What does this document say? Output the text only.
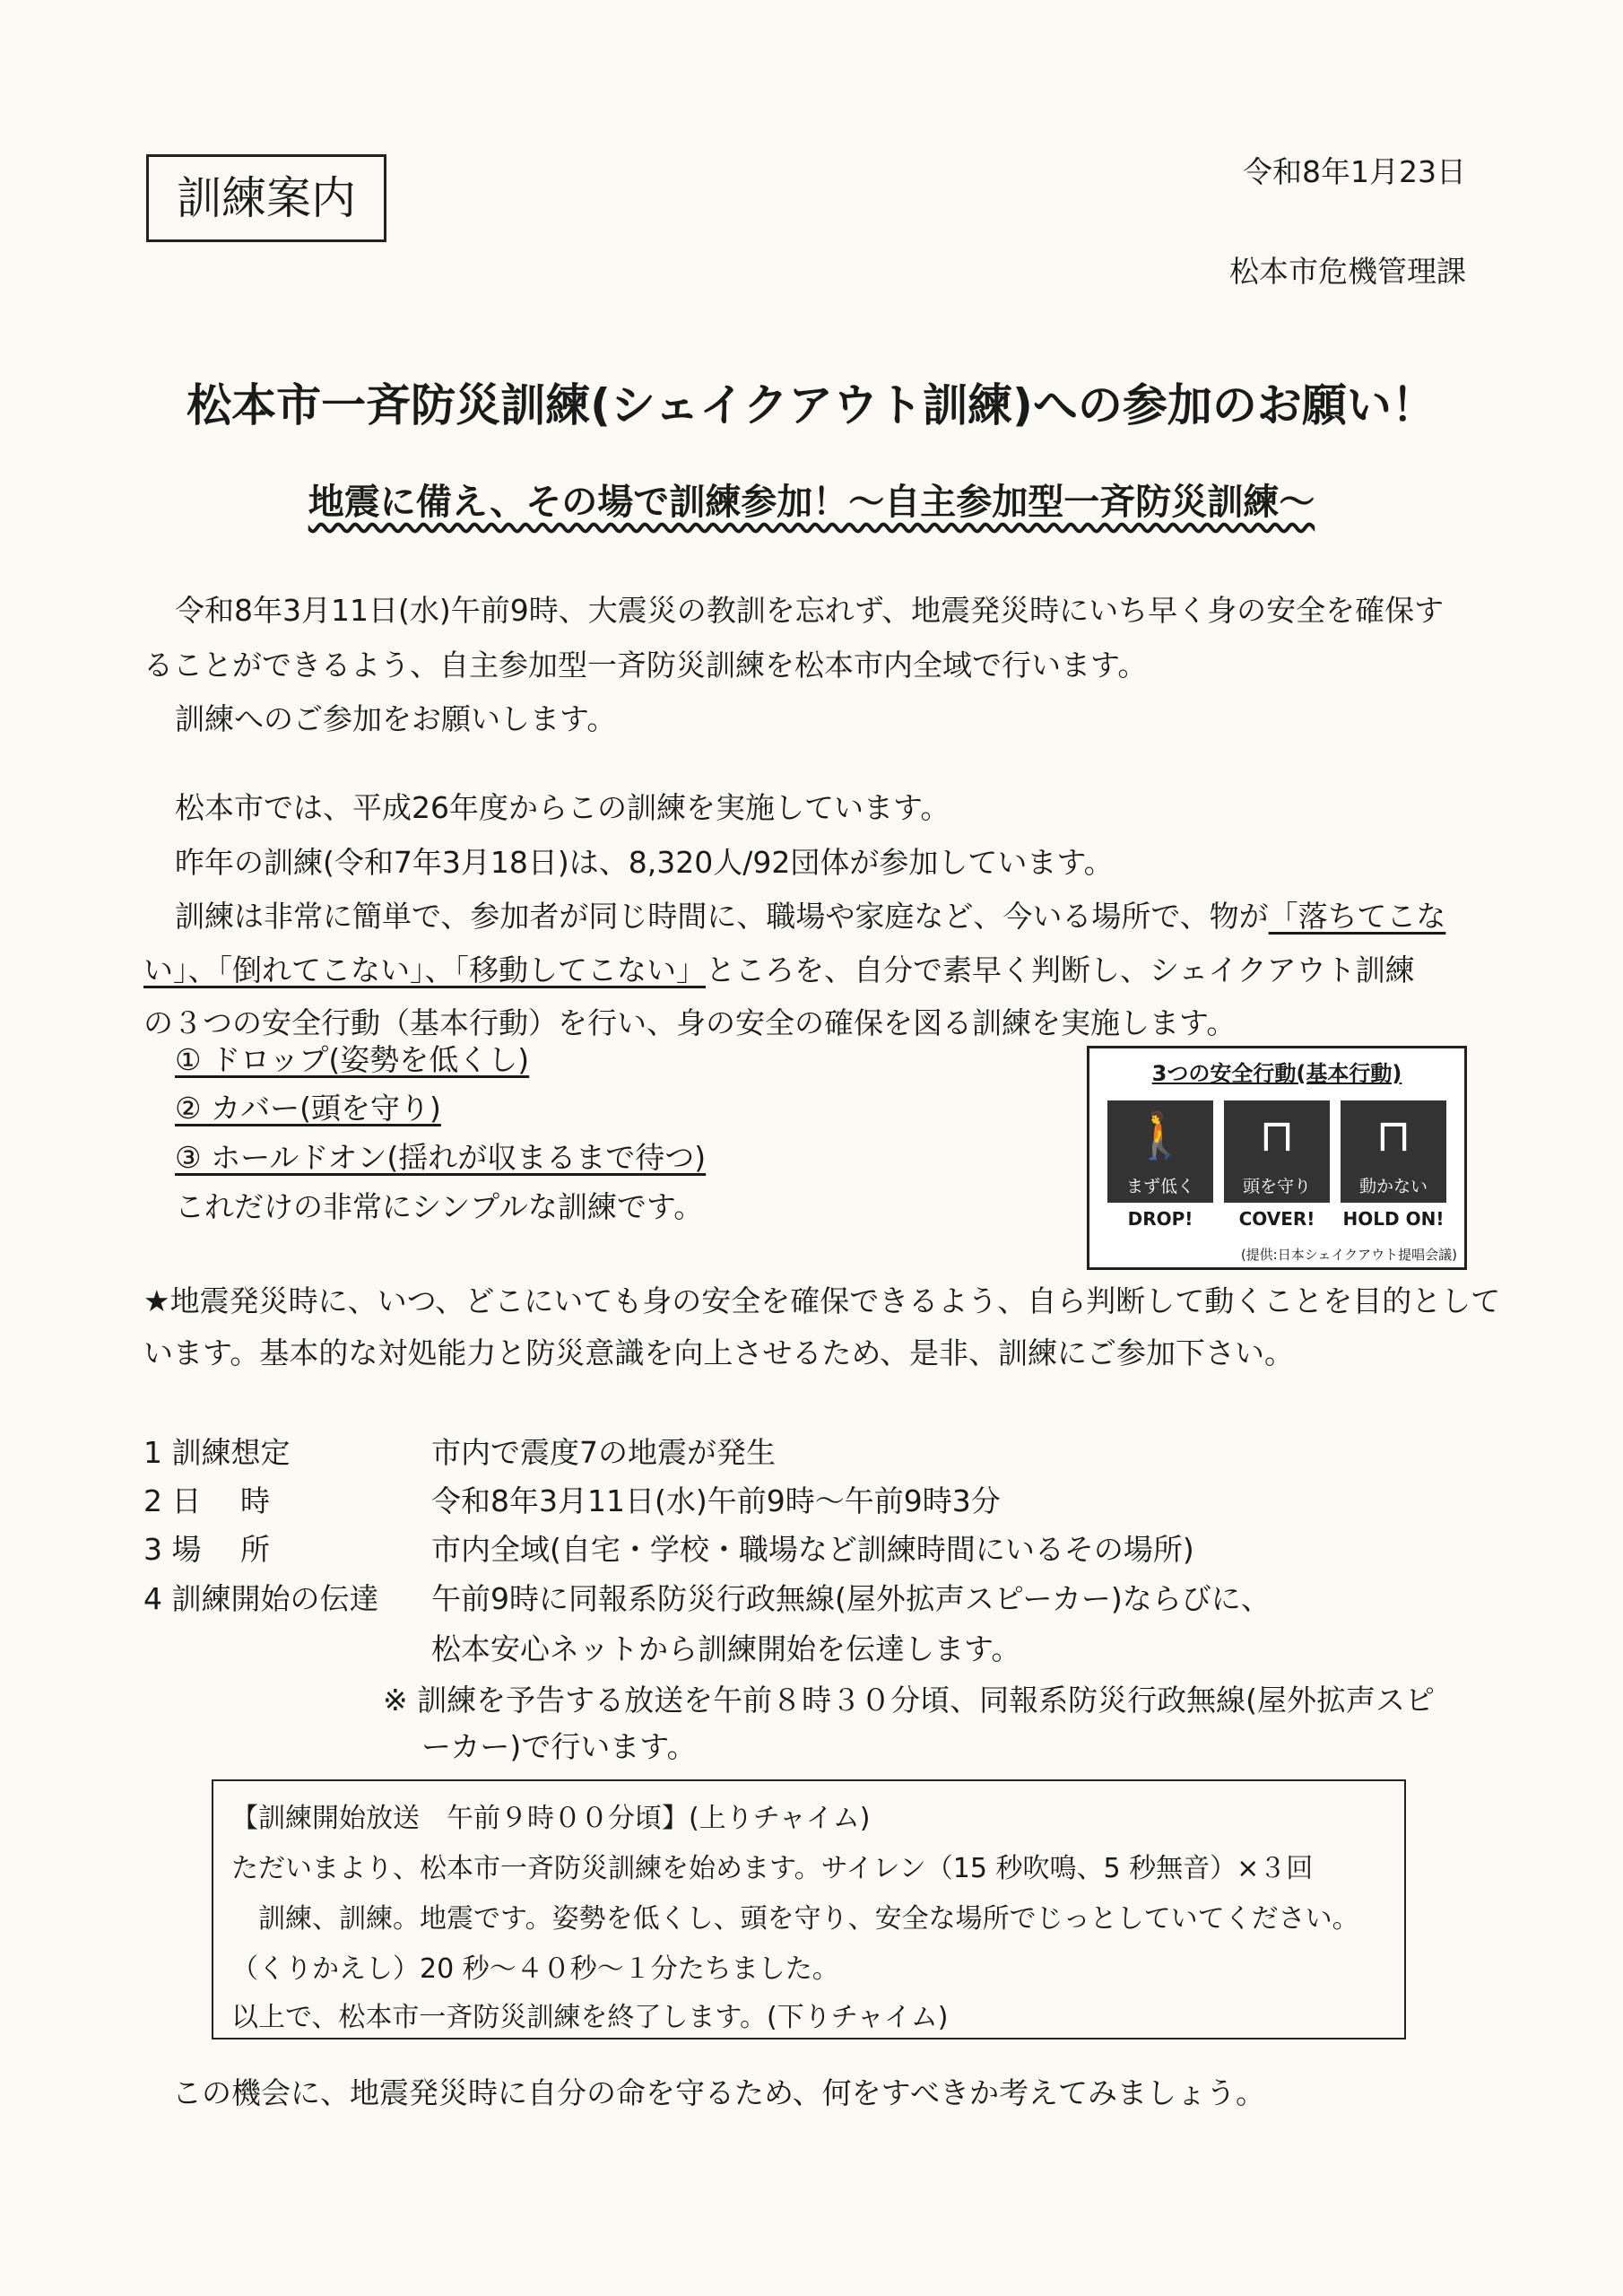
訓練案内
令和8年1月23日
松本市危機管理課
松本市一斉防災訓練(シェイクアウト訓練)への参加のお願い！
地震に備え、その場で訓練参加！～自主参加型一斉防災訓練～
令和8年3月11日(水)午前9時、大震災の教訓を忘れず、地震発災時にいち早く身の安全を確保す
ることができるよう、自主参加型一斉防災訓練を松本市内全域で行います。
訓練へのご参加をお願いします。
松本市では、平成26年度からこの訓練を実施しています。
昨年の訓練(令和7年3月18日)は、8,320人/92団体が参加しています。
訓練は非常に簡単で、参加者が同じ時間に、職場や家庭など、今いる場所で、物が「落ちてこな
い」、「倒れてこない」、「移動してこない」ところを、自分で素早く判断し、シェイクアウト訓練
の３つの安全行動（基本行動）を行い、身の安全の確保を図る訓練を実施します。
① ドロップ(姿勢を低くし)
② カバー(頭を守り)
③ ホールドオン(揺れが収まるまで待つ)
これだけの非常にシンプルな訓練です。
3つの安全行動(基本行動)
🚶
まず低く
⊓
頭を守り
⊓
動かない
DROP!	COVER!	HOLD ON!
(提供:日本シェイクアウト提唱会議)
★地震発災時に、いつ、どこにいても身の安全を確保できるよう、自ら判断して動くことを目的として
います。基本的な対処能力と防災意識を向上させるため、是非、訓練にご参加下さい。
1 訓練想定	市内で震度7の地震が発生
2 日　 時	令和8年3月11日(水)午前9時～午前9時3分
3 場　 所	市内全域(自宅・学校・職場など訓練時間にいるその場所)
4 訓練開始の伝達 午前9時に同報系防災行政無線(屋外拡声スピーカー)ならびに、
松本安心ネットから訓練開始を伝達します。
※ 訓練を予告する放送を午前８時３０分頃、同報系防災行政無線(屋外拡声スピ
ーカー)で行います。
【訓練開始放送　午前９時００分頃】(上りチャイム)
ただいまより、松本市一斉防災訓練を始めます。サイレン（15 秒吹鳴、5 秒無音）×３回
　訓練、訓練。地震です。姿勢を低くし、頭を守り、安全な場所でじっとしていてください。
（くりかえし）20 秒～４０秒～１分たちました。
以上で、松本市一斉防災訓練を終了します。(下りチャイム)
この機会に、地震発災時に自分の命を守るため、何をすべきか考えてみましょう。
